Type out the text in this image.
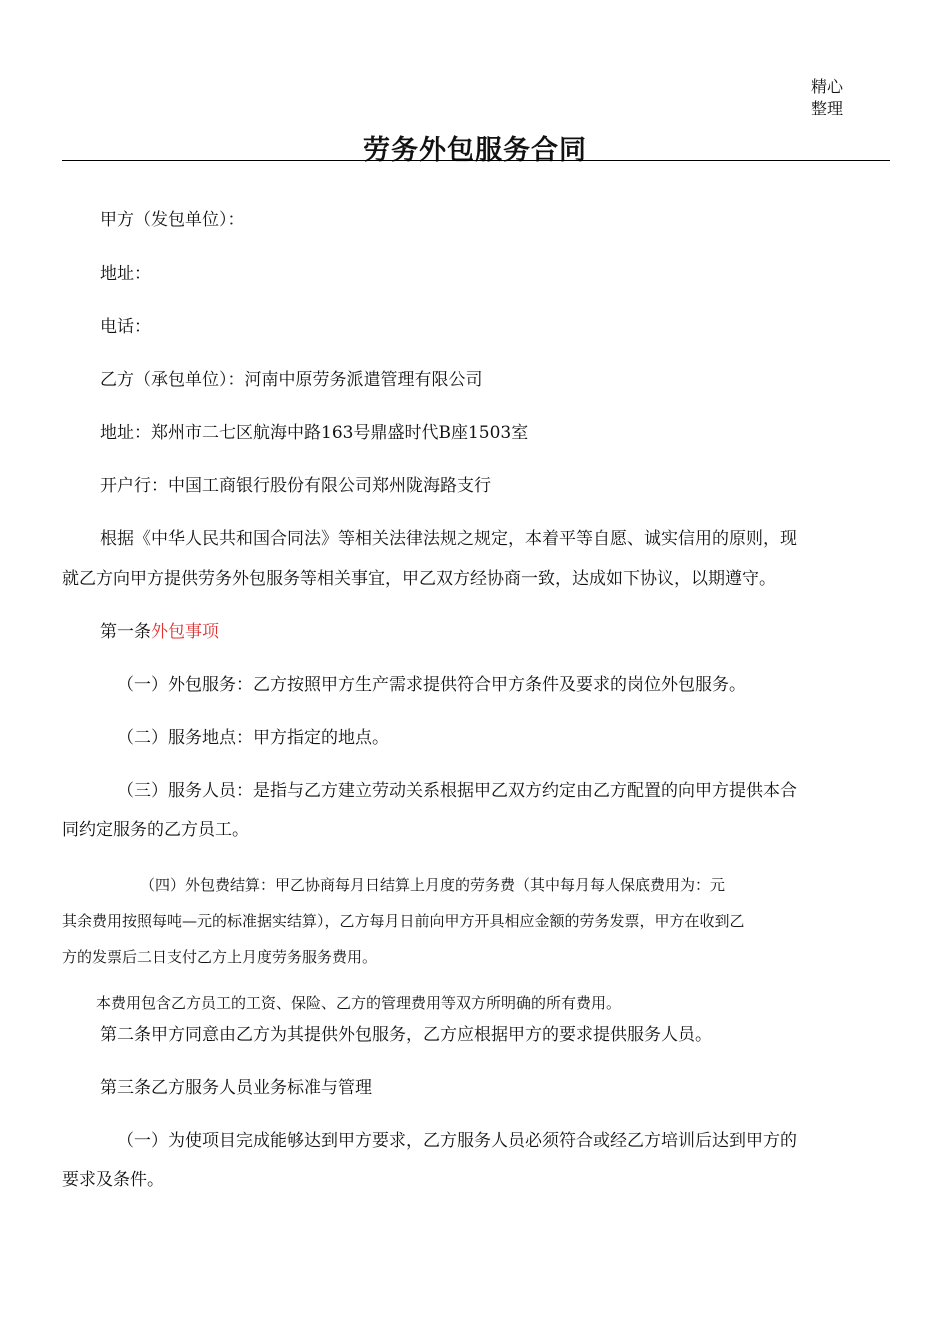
精心
整理
劳务外包服务合同
甲方（发包单位）：
地址：
电话：
乙方（承包单位）：河南中原劳务派遣管理有限公司
地址：郑州市二七区航海中路163号鼎盛时代B座1503室
开户行：中国工商银行股份有限公司郑州陇海路支行
根据《中华人民共和国合同法》等相关法律法规之规定，本着平等自愿、诚实信用的原则，现
就乙方向甲方提供劳务外包服务等相关事宜，甲乙双方经协商一致，达成如下协议，以期遵守。
第一条外包事项
（一）外包服务：乙方按照甲方生产需求提供符合甲方条件及要求的岗位外包服务。
（二）服务地点：甲方指定的地点。
（三）服务人员：是指与乙方建立劳动关系根据甲乙双方约定由乙方配置的向甲方提供本合
同约定服务的乙方员工。
（四）外包费结算：甲乙协商每月日结算上月度的劳务费（其中每月每人保底费用为：元
其余费用按照每吨—元的标准据实结算），乙方每月日前向甲方开具相应金额的劳务发票，甲方在收到乙
方的发票后二日支付乙方上月度劳务服务费用。
本费用包含乙方员工的工资、保险、乙方的管理费用等双方所明确的所有费用。
第二条甲方同意由乙方为其提供外包服务，乙方应根据甲方的要求提供服务人员。
第三条乙方服务人员业务标准与管理
（一）为使项目完成能够达到甲方要求，乙方服务人员必须符合或经乙方培训后达到甲方的
要求及条件。
